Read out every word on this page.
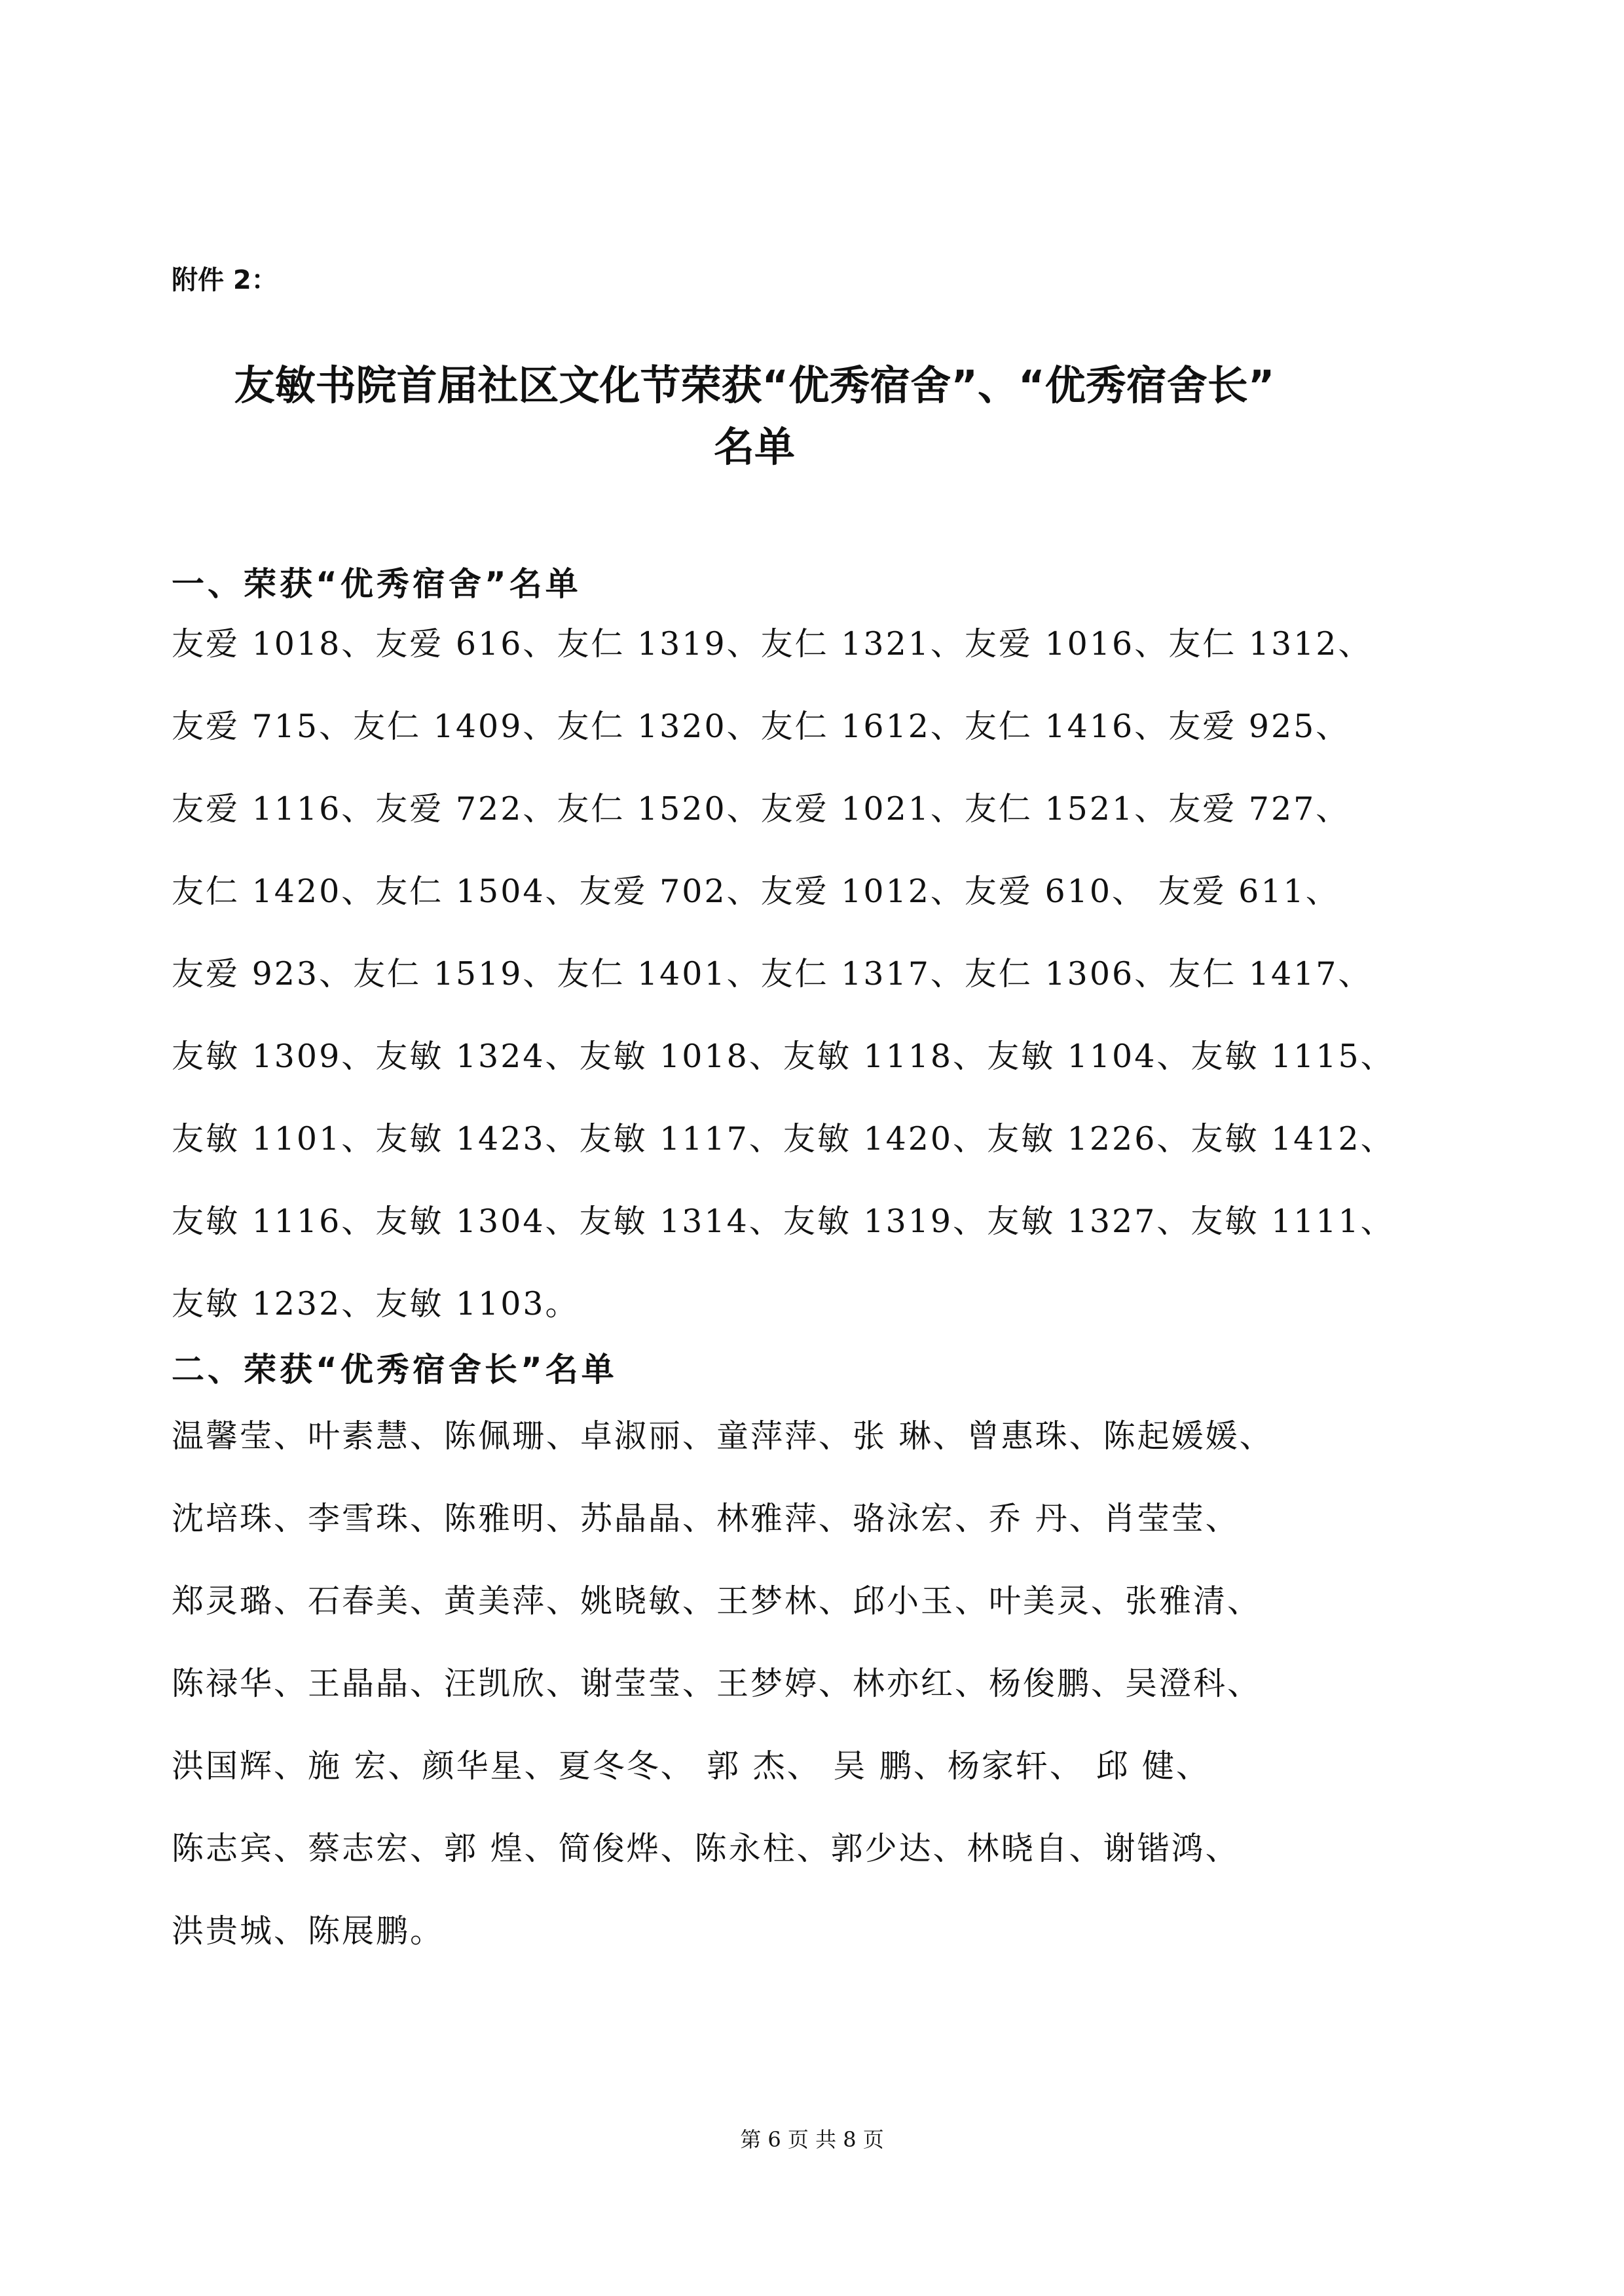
附件 2：
友敏书院首届社区文化节荣获“优秀宿舍”、“优秀宿舍长”
名单
一、荣获“优秀宿舍”名单
友爱 1018、友爱 616、友仁 1319、友仁 1321、友爱 1016、友仁 1312、
友爱 715、友仁 1409、友仁 1320、友仁 1612、友仁 1416、友爱 925、
友爱 1116、友爱 722、友仁 1520、友爱 1021、友仁 1521、友爱 727、
友仁 1420、友仁 1504、友爱 702、友爱 1012、友爱 610、 友爱 611、
友爱 923、友仁 1519、友仁 1401、友仁 1317、友仁 1306、友仁 1417、
友敏 1309、友敏 1324、友敏 1018、友敏 1118、友敏 1104、友敏 1115、
友敏 1101、友敏 1423、友敏 1117、友敏 1420、友敏 1226、友敏 1412、
友敏 1116、友敏 1304、友敏 1314、友敏 1319、友敏 1327、友敏 1111、
友敏 1232、友敏 1103。
二、荣获“优秀宿舍长”名单
温馨莹、叶素慧、陈佩珊、卓淑丽、童萍萍、张 琳、曾惠珠、陈起媛媛、
沈培珠、李雪珠、陈雅明、苏晶晶、林雅萍、骆泳宏、乔 丹、肖莹莹、
郑灵璐、石春美、黄美萍、姚晓敏、王梦林、邱小玉、叶美灵、张雅清、
陈禄华、王晶晶、汪凯欣、谢莹莹、王梦婷、林亦红、杨俊鹏、吴澄科、
洪国辉、施 宏、颜华星、夏冬冬、 郭 杰、 吴 鹏、杨家轩、 邱 健、
陈志宾、蔡志宏、郭 煌、简俊烨、陈永柱、郭少达、林晓自、谢锴鸿、
洪贵城、陈展鹏。
第 6 页 共 8 页
